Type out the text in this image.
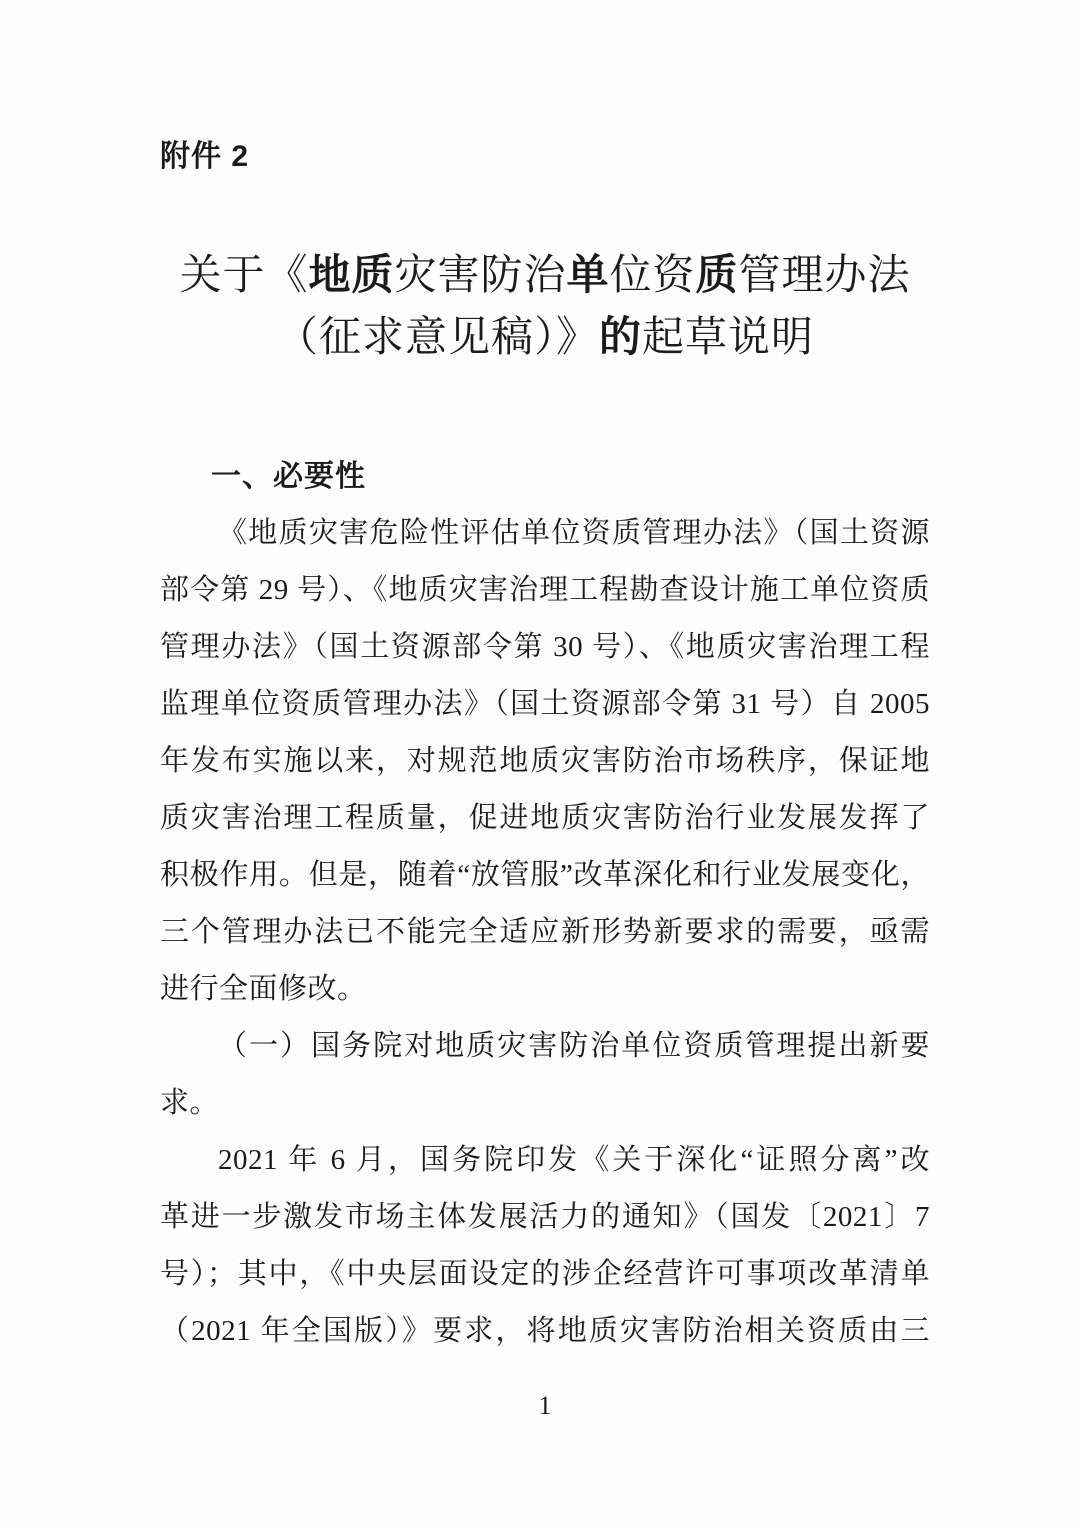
附件 2
关于《地质灾害防治单位资质管理办法
（征求意见稿）》的起草说明
一、必要性
《地质灾害危险性评估单位资质管理办法》（国土资源
部令第 29 号）、《地质灾害治理工程勘查设计施工单位资质
管理办法》（国土资源部令第 30 号）、《地质灾害治理工程
监理单位资质管理办法》（国土资源部令第 31 号）自 2005
年发布实施以来，对规范地质灾害防治市场秩序，保证地
质灾害治理工程质量，促进地质灾害防治行业发展发挥了
积极作用。但是，随着“放管服”改革深化和行业发展变化，
三个管理办法已不能完全适应新形势新要求的需要，亟需
进行全面修改。
（一）国务院对地质灾害防治单位资质管理提出新要
求。
2021 年 6 月，国务院印发《关于深化“证照分离”改
革进一步激发市场主体发展活力的通知》（国发〔2021〕7
号）；其中，《中央层面设定的涉企经营许可事项改革清单
（2021 年全国版）》要求，将地质灾害防治相关资质由三
1
